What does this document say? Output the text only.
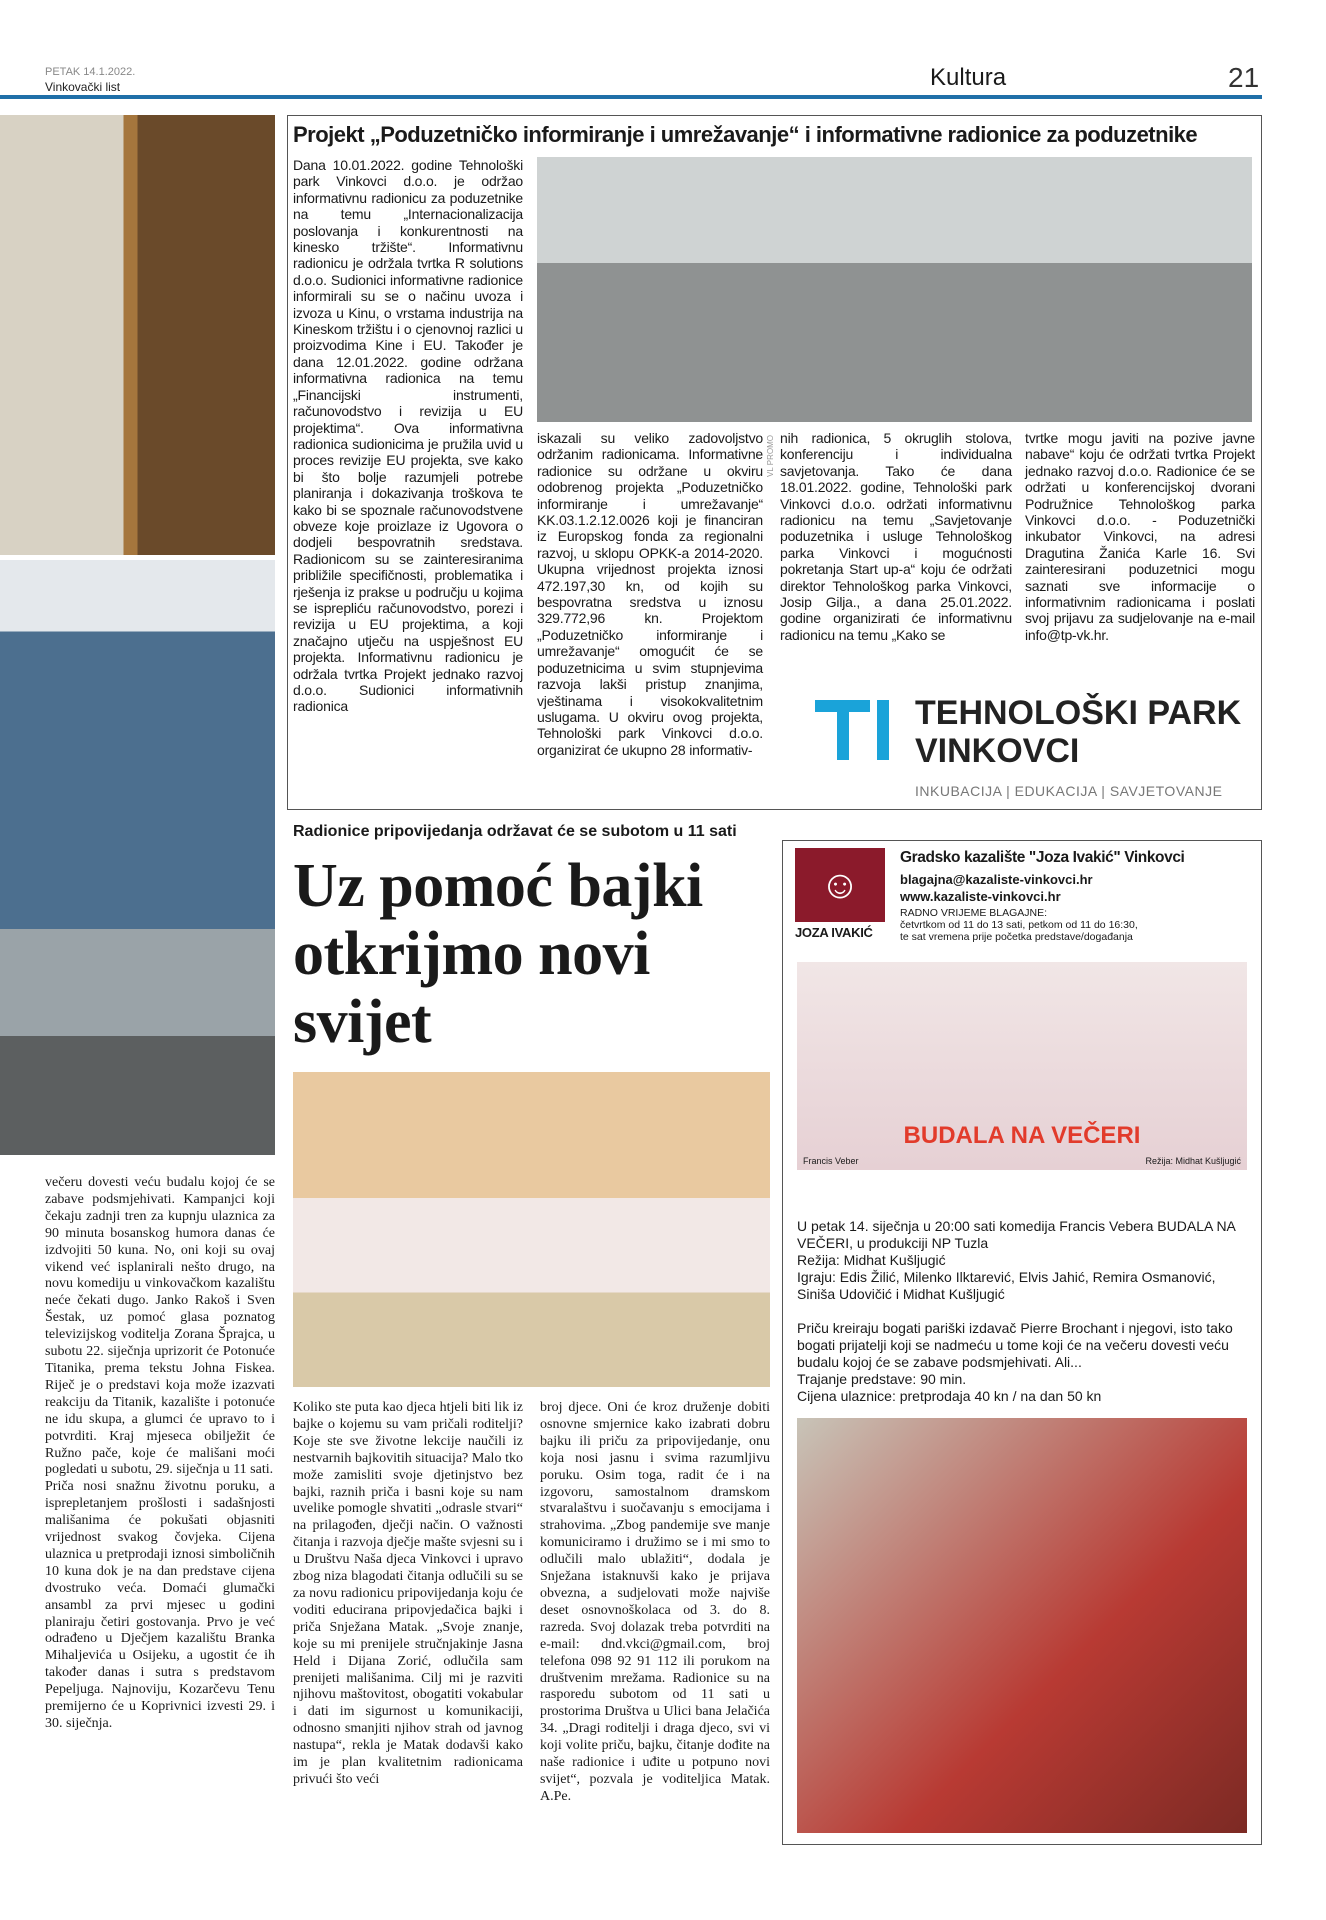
PETAK 14.1.2022.
Vinkovački list	Kultura	21
večeru dovesti veću budalu kojoj će se zabave podsmjehivati. Kampanjci koji čekaju zadnji tren za kupnju ulaznica za 90 minuta bosanskog humora danas će izdvojiti 50 kuna. No, oni koji su ovaj vikend već isplanirali nešto drugo, na novu komediju u vinkovačkom kazalištu neće čekati dugo. Janko Rakoš i Sven Šestak, uz pomoć glasa poznatog televizijskog voditelja Zorana Šprajca, u subotu 22. siječnja uprizorit će Potonuće Titanika, prema tekstu Johna Fiskea. Riječ je o predstavi koja može izazvati reakciju da Titanik, kazalište i potonuće ne idu skupa, a glumci će upravo to i potvrditi. Kraj mjeseca obilježit će Ružno pače, koje će mališani moći pogledati u subotu, 29. siječnja u 11 sati.
Priča nosi snažnu životnu poruku, a isprepletanjem prošlosti i sadašnjosti mališanima će pokušati objasniti vrijednost svakog čovjeka. Cijena ulaznica u pretprodaji iznosi simboličnih 10 kuna dok je na dan predstave cijena dvostruko veća. Domaći glumački ansambl za prvi mjesec u godini planiraju četiri gostovanja. Prvo je već odrađeno u Dječjem kazalištu Branka Mihaljevića u Osijeku, a ugostit će ih također danas i sutra s predstavom Pepeljuga. Najnoviju, Kozarčevu Tenu premijerno će u Koprivnici izvesti 29. i 30. siječnja.
Projekt „Poduzetničko informiranje i umrežavanje“ i informativne radionice za poduzetnike
Dana 10.01.2022. godine Tehnološki park Vinkovci d.o.o. je održao informativnu radionicu za poduzetnike na temu „Internacionalizacija poslovanja i konkurentnosti na kinesko tržište“. Informativnu radionicu je održala tvrtka R solutions d.o.o. Sudionici informativne radionice informirali su se o načinu uvoza i izvoza u Kinu, o vrstama industrija na Kineskom tržištu i o cjenovnoj razlici u proizvodima Kine i EU. Također je dana 12.01.2022. godine održana informativna radionica na temu „Financijski instrumenti, računovodstvo i revizija u EU projektima“. Ova informativna radionica sudionicima je pružila uvid u proces revizije EU projekta, sve kako bi što bolje razumjeli potrebe planiranja i dokazivanja troškova te kako bi se spoznale računovodstvene obveze koje proizlaze iz Ugovora o dodjeli bespovratnih sredstava. Radionicom su se zainteresiranima približile specifičnosti, problematika i rješenja iz prakse u području u kojima se isprepliću računovodstvo, porezi i revizija u EU projektima, a koji značajno utječu na uspješnost EU projekta. Informativnu radionicu je održala tvrtka Projekt jednako razvoj d.o.o. Sudionici informativnih radionica
iskazali su veliko zadovoljstvo održanim radionicama. Informativne radionice su održane u okviru odobrenog projekta „Poduzetničko informiranje i umrežavanje“ KK.03.1.2.12.0026 koji je financiran iz Europskog fonda za regionalni razvoj, u sklopu OPKK-a 2014-2020. Ukupna vrijednost projekta iznosi 472.197,30 kn, od kojih su bespovratna sredstva u iznosu 329.772,96 kn. Projektom „Poduzetničko informiranje i umrežavanje“ omogućit će se poduzetnicima u svim stupnjevima razvoja lakši pristup znanjima, vještinama i visokokvalitetnim uslugama. U okviru ovog projekta, Tehnološki park Vinkovci d.o.o. organizirat će ukupno 28 informativ-
VL PROMO nih radionica, 5 okruglih stolova, konferenciju i individualna savjetovanja. Tako će dana 18.01.2022. godine, Tehnološki park Vinkovci d.o.o. održati informativnu radionicu na temu „Savjetovanje poduzetnika i usluge Tehnološkog parka Vinkovci i mogućnosti pokretanja Start up-a“ koju će održati direktor Tehnološkog parka Vinkovci, Josip Gilja., a dana 25.01.2022. godine organizirati će informativnu radionicu na temu „Kako se
tvrtke mogu javiti na pozive javne nabave“ koju će održati tvrtka Projekt jednako razvoj d.o.o. Radionice će se održati u konferencijskoj dvorani Podružnice Tehnološkog parka Vinkovci d.o.o. - Poduzetnički inkubator Vinkovci, na adresi Dragutina Žanića Karle 16. Svi zainteresirani poduzetnici mogu saznati sve informacije o informativnim radionicama i poslati svoj prijavu za sudjelovanje na e-mail info@tp-vk.hr.
TEHNOLOŠKI PARK
VINKOVCI
INKUBACIJA | EDUKACIJA | SAVJETOVANJE
Radionice pripovijedanja održavat će se subotom u 11 sati
Uz pomoć bajki otkrijmo novi svijet
Koliko ste puta kao djeca htjeli biti lik iz bajke o kojemu su vam pričali roditelji? Koje ste sve životne lekcije naučili iz nestvarnih bajkovitih situacija? Malo tko može zamisliti svoje djetinjstvo bez bajki, raznih priča i basni koje su nam uvelike pomogle shvatiti „odrasle stvari“ na prilagođen, dječji način. O važnosti čitanja i razvoja dječje mašte svjesni su i u Društvu Naša djeca Vinkovci i upravo zbog niza blagodati čitanja odlučili su se za novu radionicu pripovijedanja koju će voditi educirana pripovjedačica bajki i priča Snježana Matak. „Svoje znanje, koje su mi prenijele stručnjakinje Jasna Held i Dijana Zorić, odlučila sam prenijeti mališanima. Cilj mi je razviti njihovu maštovitost, obogatiti vokabular i dati im sigurnost u komunikaciji, odnosno smanjiti njihov strah od javnog nastupa“, rekla je Matak dodavši kako im je plan kvalitetnim radionicama privući što veći
broj djece. Oni će kroz druženje dobiti osnovne smjernice kako izabrati dobru bajku ili priču za pripovijedanje, onu koja nosi jasnu i svima razumljivu poruku. Osim toga, radit će i na izgovoru, samostalnom dramskom stvaralaštvu i suočavanju s emocijama i strahovima. „Zbog pandemije sve manje komuniciramo i družimo se i mi smo to odlučili malo ublažiti“, dodala je Snježana istaknuvši kako je prijava obvezna, a sudjelovati može najviše deset osnovnoškolaca od 3. do 8. razreda. Svoj dolazak treba potvrditi na e-mail: dnd.vkci@gmail.com, broj telefona 098 92 91 112 ili porukom na društvenim mrežama. Radionice su na rasporedu subotom od 11 sati u prostorima Društva u Ulici bana Jelačića 34. „Dragi roditelji i draga djeco, svi vi koji volite priču, bajku, čitanje dođite na naše radionice i uđite u potpuno novi svijet“, pozvala je voditeljica Matak. A.Pe.
☺
JOZA IVAKIĆ
Gradsko kazalište "Joza Ivakić" Vinkovci
blagajna@kazaliste-vinkovci.hr
www.kazaliste-vinkovci.hr
RADNO VRIJEME BLAGAJNE:
četvrtkom od 11 do 13 sati, petkom od 11 do 16:30,
te sat vremena prije početka predstave/događanja
BUDALA NA VEČERI
Francis Veber	Režija: Midhat Kušljugić
U petak 14. siječnja u 20:00 sati komedija Francis Vebera BUDALA NA VEČERI, u produkciji NP Tuzla
Režija: Midhat Kušljugić
Igraju: Edis Žilić, Milenko Ilktarević, Elvis Jahić, Remira Osmanović, Siniša Udovičić i Midhat Kušljugić
Priču kreiraju bogati pariški izdavač Pierre Brochant i njegovi, isto tako bogati prijatelji koji se nadmeću u tome koji će na večeru dovesti veću budalu kojoj će se zabave podsmjehivati. Ali...
Trajanje predstave: 90 min.
Cijena ulaznice: pretprodaja 40 kn / na dan 50 kn
